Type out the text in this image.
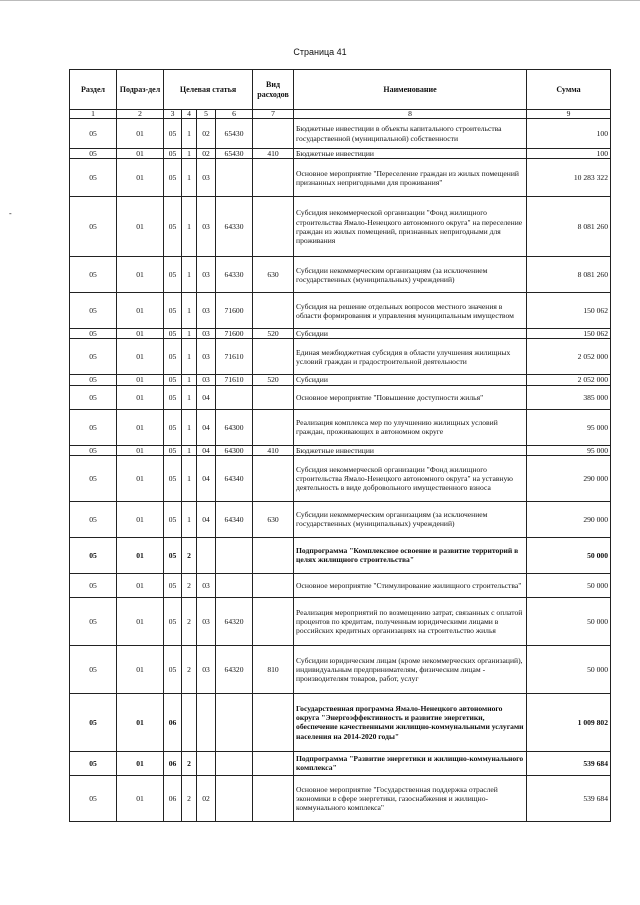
Страница 41
-
Раздел	Подраз-дел	Целевая статья				Вид расходов	Наименование	Сумма
1	2	3	4	5	6	7	8	9
05	01	05	1	02	65430		Бюджетные инвестиции в объекты капитального строительства государственной (муниципальной) собственности	100
05	01	05	1	02	65430	410	Бюджетные инвестиции	100
05	01	05	1	03			Основное мероприятие "Переселение граждан из жилых помещений признанных непригодными для проживания"	10 283 322
05	01	05	1	03	64330		Субсидия некоммерческой организации "Фонд жилищного строительства Ямало-Ненецкого автономного округа" на переселение граждан из жилых помещений, признанных непригодными для проживания	8 081 260
05	01	05	1	03	64330	630	Субсидии некоммерческим организациям (за исключением государственных (муниципальных) учреждений)	8 081 260
05	01	05	1	03	71600		Субсидия на решение отдельных вопросов местного значения в области формирования и управления муниципальным имуществом	150 062
05	01	05	1	03	71600	520	Субсидии	150 062
05	01	05	1	03	71610		Единая межбюджетная субсидия в области улучшения жилищных условий граждан и градостроительной деятельности	2 052 000
05	01	05	1	03	71610	520	Субсидии	2 052 000
05	01	05	1	04			Основное мероприятие "Повышение доступности жилья"	385 000
05	01	05	1	04	64300		Реализация комплекса мер по улучшению жилищных условий граждан, проживающих в автономном округе	95 000
05	01	05	1	04	64300	410	Бюджетные инвестиции	95 000
05	01	05	1	04	64340		Субсидия некоммерческой организации "Фонд жилищного строительства Ямало-Ненецкого автономного округа" на уставную деятельность в виде добровольного имущественного взноса	290 000
05	01	05	1	04	64340	630	Субсидии некоммерческим организациям (за исключением государственных (муниципальных) учреждений)	290 000
05	01	05	2				Подпрограмма "Комплексное освоение и развитие территорий в целях жилищного строительства"	50 000
05	01	05	2	03			Основное мероприятие "Стимулирование жилищного строительства"	50 000
05	01	05	2	03	64320		Реализация мероприятий по возмещению затрат, связанных с оплатой процентов по кредитам, полученным юридическими лицами в российских кредитных организациях на строительство жилья	50 000
05	01	05	2	03	64320	810	Субсидии юридическим лицам (кроме некоммерческих организаций), индивидуальным предпринимателям, физическим лицам - производителям товаров, работ, услуг	50 000
05	01	06					Государственная программа Ямало-Ненецкого автономного округа "Энергоэффективность и развитие энергетики, обеспечение качественными жилищно-коммунальными услугами населения на 2014-2020 годы"	1 009 802
05	01	06	2				Подпрограмма "Развитие энергетики и жилищно-коммунального комплекса"	539 684
05	01	06	2	02			Основное мероприятие "Государственная поддержка отраслей экономики в сфере энергетики, газоснабжения и жилищно-коммунального комплекса"	539 684
